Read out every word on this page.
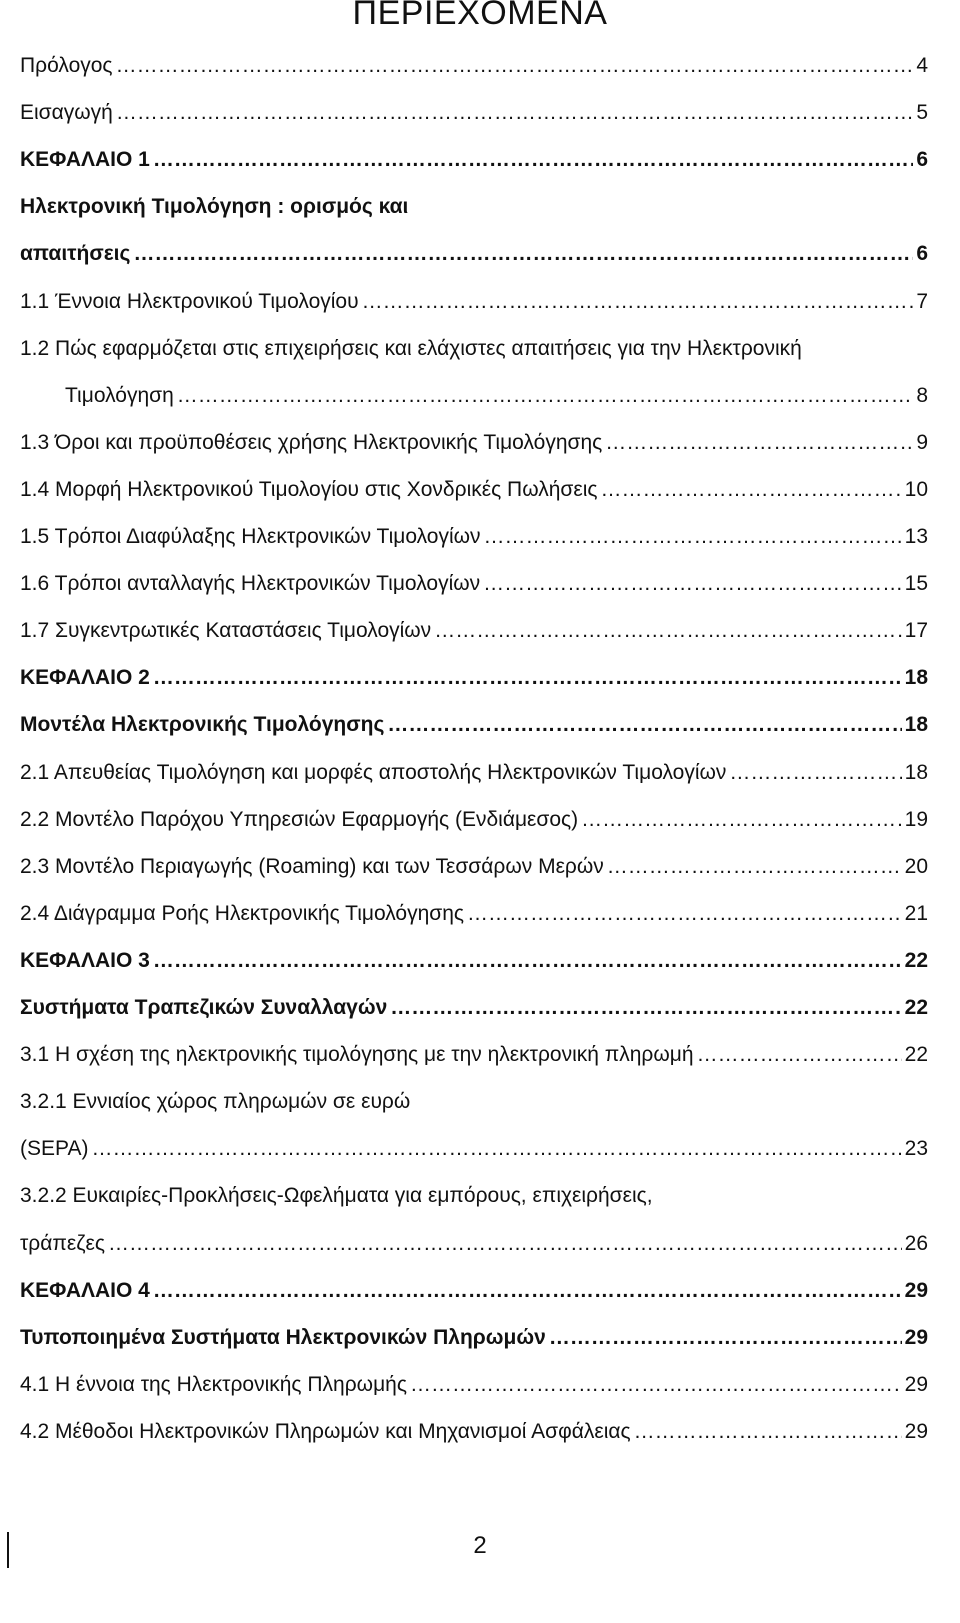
ΠΕΡΙΕΧΟΜΕΝΑ
Πρόλογος ………………………………………………………………………………………………………………………………………………………………………………………………………………	4
Εισαγωγή ………………………………………………………………………………………………………………………………………………………………………………………………………………	5
ΚΕΦΑΛΑΙΟ 1 ………………………………………………………………………………………………………………………………………………………………………………………………………………	6
Ηλεκτρονική Τιμολόγηση : ορισμός και
απαιτήσεις ………………………………………………………………………………………………………………………………………………………………………………………………………………	6
1.1 Έννοια Ηλεκτρονικού Τιμολογίου ………………………………………………………………………………………………………………………………………………………………………………………………………………	7
1.2 Πώς εφαρμόζεται στις επιχειρήσεις και ελάχιστες απαιτήσεις για την Ηλεκτρονική
Τιμολόγηση ………………………………………………………………………………………………………………………………………………………………………………………………………………	8
1.3 Όροι και προϋποθέσεις χρήσης Ηλεκτρονικής Τιμολόγησης ………………………………………………………………………………………………………………………………………………………………………………………………………………	9
1.4 Μορφή Ηλεκτρονικού Τιμολογίου στις Χονδρικές Πωλήσεις ………………………………………………………………………………………………………………………………………………………………………………………………………………	10
1.5 Τρόποι Διαφύλαξης Ηλεκτρονικών Τιμολογίων ………………………………………………………………………………………………………………………………………………………………………………………………………………	13
1.6 Τρόποι ανταλλαγής Ηλεκτρονικών Τιμολογίων ………………………………………………………………………………………………………………………………………………………………………………………………………………	15
1.7 Συγκεντρωτικές Καταστάσεις Τιμολογίων ………………………………………………………………………………………………………………………………………………………………………………………………………………	17
ΚΕΦΑΛΑΙΟ 2 ………………………………………………………………………………………………………………………………………………………………………………………………………………	18
Μοντέλα Ηλεκτρονικής Τιμολόγησης ………………………………………………………………………………………………………………………………………………………………………………………………………………	18
2.1 Απευθείας Τιμολόγηση και μορφές αποστολής Ηλεκτρονικών Τιμολογίων ………………………………………………………………………………………………………………………………………………………………………………………………………………	18
2.2 Μοντέλο Παρόχου Υπηρεσιών Εφαρμογής (Ενδιάμεσος) ………………………………………………………………………………………………………………………………………………………………………………………………………………	19
2.3 Μοντέλο Περιαγωγής (Roaming) και των Τεσσάρων Μερών ………………………………………………………………………………………………………………………………………………………………………………………………………………	20
2.4 Διάγραμμα Ροής Ηλεκτρονικής Τιμολόγησης ………………………………………………………………………………………………………………………………………………………………………………………………………………	21
ΚΕΦΑΛΑΙΟ 3 ………………………………………………………………………………………………………………………………………………………………………………………………………………	22
Συστήματα Τραπεζικών Συναλλαγών ………………………………………………………………………………………………………………………………………………………………………………………………………………	22
3.1 Η σχέση της ηλεκτρονικής τιμολόγησης με την ηλεκτρονική πληρωμή ………………………………………………………………………………………………………………………………………………………………………………………………………………	22
3.2.1 Εννιαίος χώρος πληρωμών σε ευρώ
(SEPA) ………………………………………………………………………………………………………………………………………………………………………………………………………………	23
3.2.2 Ευκαιρίες-Προκλήσεις-Ωφελήματα για εμπόρους, επιχειρήσεις,
τράπεζες ………………………………………………………………………………………………………………………………………………………………………………………………………………	26
ΚΕΦΑΛΑΙΟ 4 ………………………………………………………………………………………………………………………………………………………………………………………………………………	29
Τυποποιημένα Συστήματα Ηλεκτρονικών Πληρωμών ………………………………………………………………………………………………………………………………………………………………………………………………………………	29
4.1 Η έννοια της Ηλεκτρονικής Πληρωμής ………………………………………………………………………………………………………………………………………………………………………………………………………………	29
4.2 Μέθοδοι Ηλεκτρονικών Πληρωμών και Μηχανισμοί Ασφάλειας ………………………………………………………………………………………………………………………………………………………………………………………………………………	29
2
